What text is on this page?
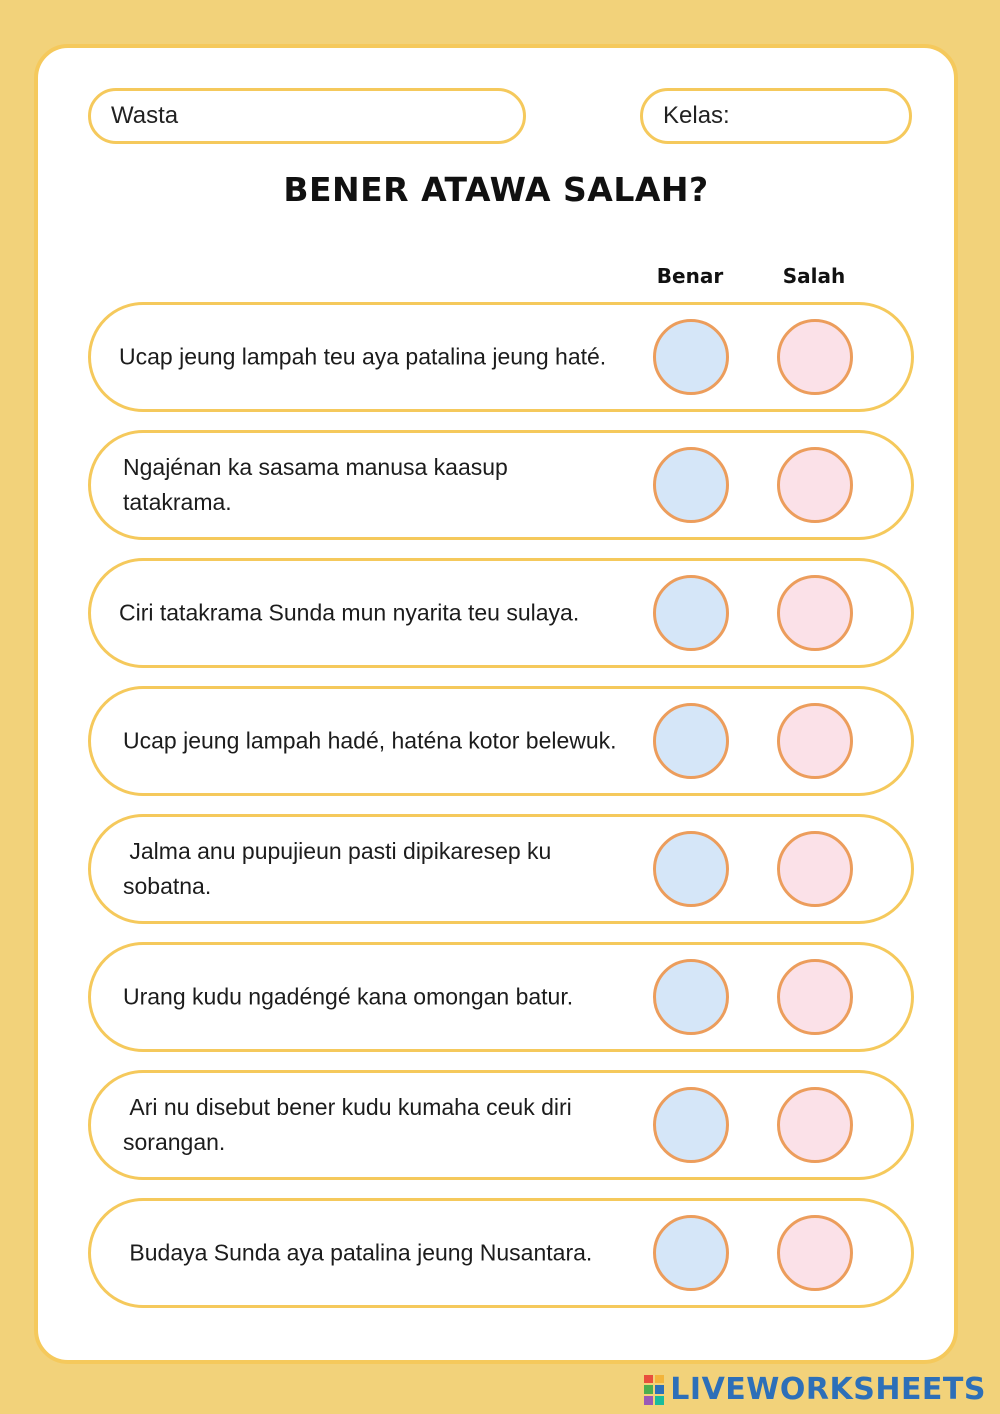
Wasta	Kelas:
BENER ATAWA SALAH?
Benar	Salah
Ucap jeung lampah teu aya patalina jeung haté.
Ngajénan ka sasama manusa kaasup
tatakrama.
Ciri tatakrama Sunda mun nyarita teu sulaya.
Ucap jeung lampah hadé, haténa kotor belewuk.
Jalma anu pupujieun pasti dipikaresep ku
sobatna.
Urang kudu ngadéngé kana omongan batur.
Ari nu disebut bener kudu kumaha ceuk diri
sorangan.
Budaya Sunda aya patalina jeung Nusantara.
LIVEWORKSHEETS
